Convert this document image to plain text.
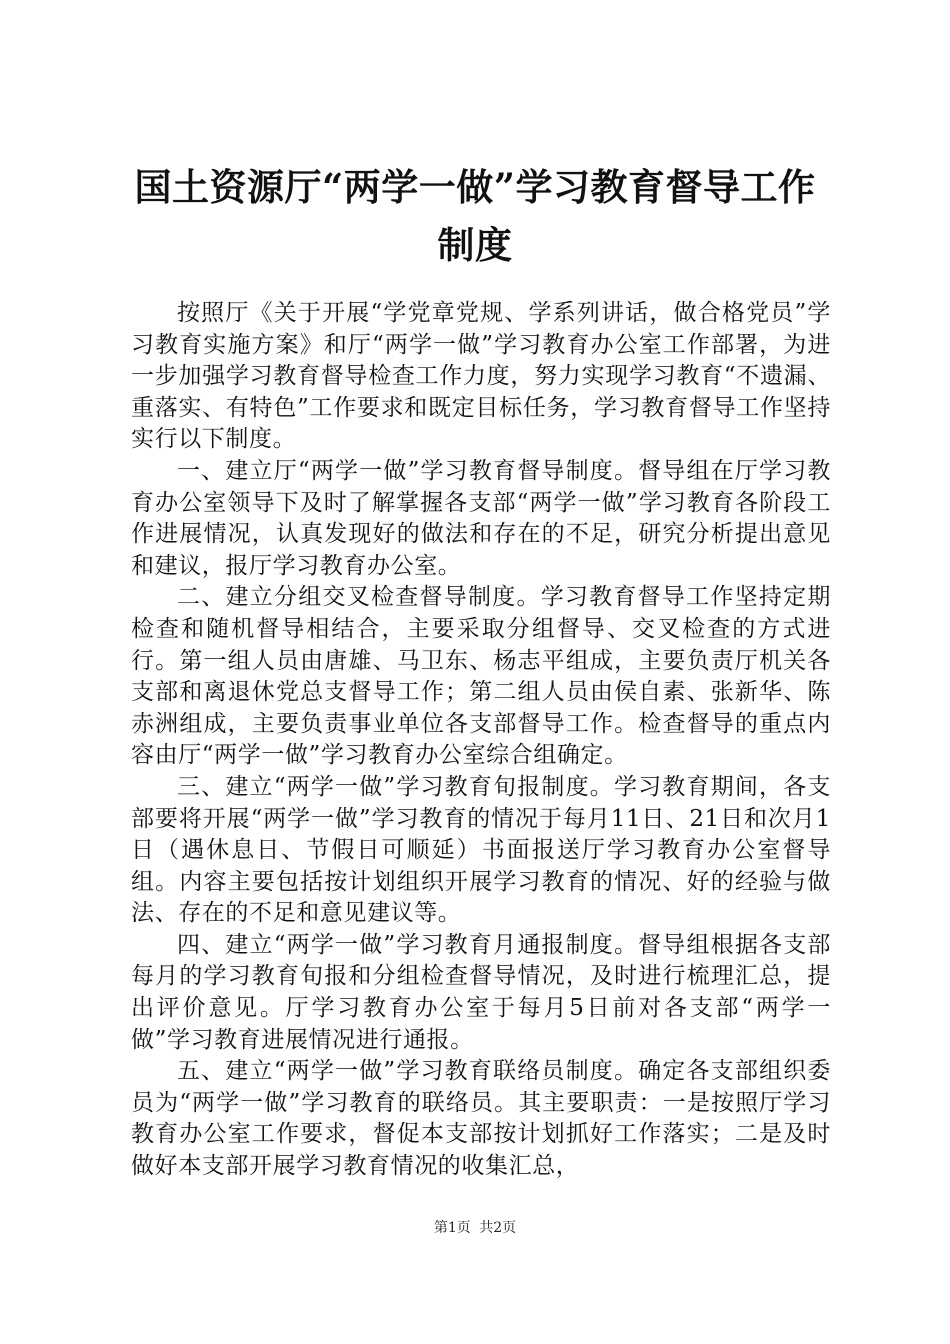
国土资源厅“两学一做”学习教育督导工作制度

按照厅《关于开展“学党章党规、学系列讲话，做合格党员”学习教育实施方案》和厅“两学一做”学习教育办公室工作部署，为进一步加强学习教育督导检查工作力度，努力实现学习教育“不遗漏、重落实、有特色”工作要求和既定目标任务，学习教育督导工作坚持实行以下制度。

一、建立厅“两学一做”学习教育督导制度。督导组在厅学习教育办公室领导下及时了解掌握各支部“两学一做”学习教育各阶段工作进展情况，认真发现好的做法和存在的不足，研究分析提出意见和建议，报厅学习教育办公室。

二、建立分组交叉检查督导制度。学习教育督导工作坚持定期检查和随机督导相结合，主要采取分组督导、交叉检查的方式进行。第一组人员由唐雄、马卫东、杨志平组成，主要负责厅机关各支部和离退休党总支督导工作；第二组人员由侯自素、张新华、陈赤洲组成，主要负责事业单位各支部督导工作。检查督导的重点内容由厅“两学一做”学习教育办公室综合组确定。

三、建立“两学一做”学习教育旬报制度。学习教育期间，各支部要将开展“两学一做”学习教育的情况于每月11日、21日和次月1日（遇休息日、节假日可顺延）书面报送厅学习教育办公室督导组。内容主要包括按计划组织开展学习教育的情况、好的经验与做法、存在的不足和意见建议等。

四、建立“两学一做”学习教育月通报制度。督导组根据各支部每月的学习教育旬报和分组检查督导情况，及时进行梳理汇总，提出评价意见。厅学习教育办公室于每月5日前对各支部“两学一做”学习教育进展情况进行通报。

五、建立“两学一做”学习教育联络员制度。确定各支部组织委员为“两学一做”学习教育的联络员。其主要职责：一是按照厅学习教育办公室工作要求，督促本支部按计划抓好工作落实；二是及时做好本支部开展学习教育情况的收集汇总，

第1页 共2页
